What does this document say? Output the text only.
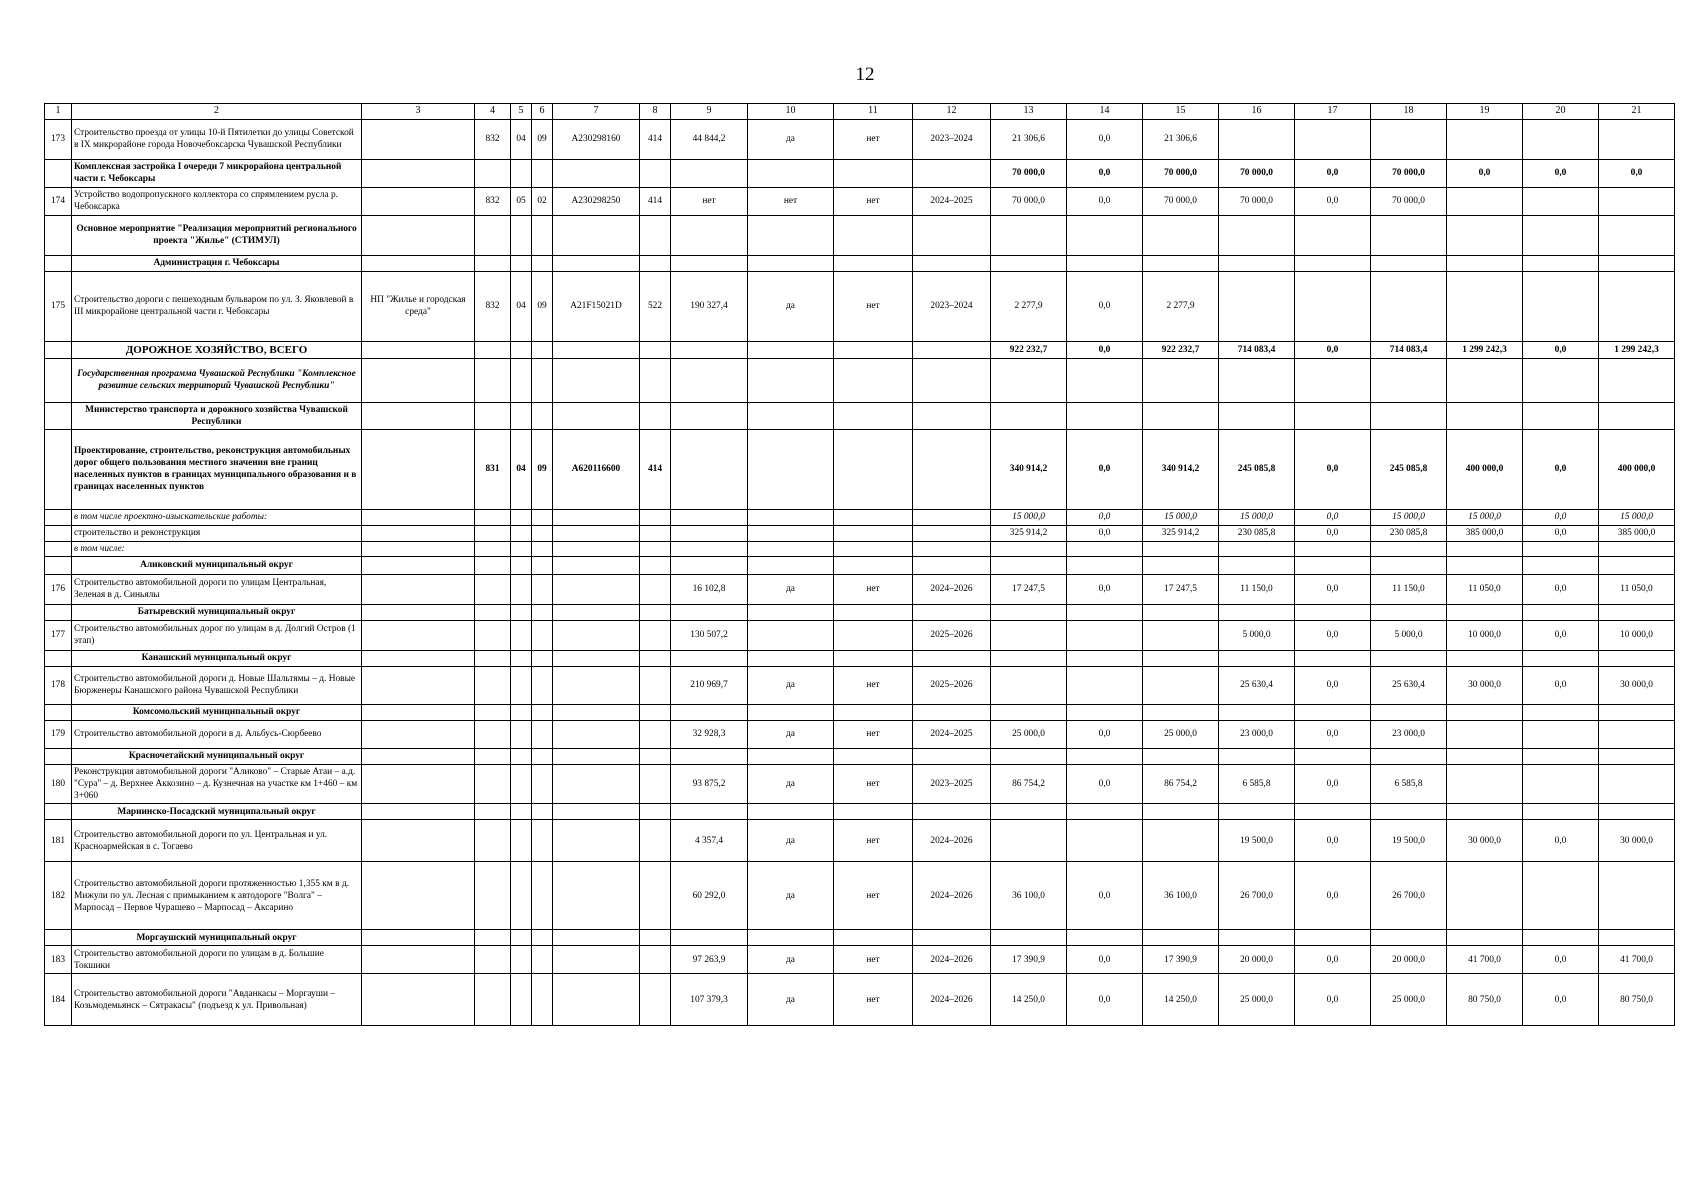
12
1	2	3	4	5	6	7	8	9	10	11	12	13	14	15	16	17	18	19	20	21
173	Строительство проезда от улицы 10-й Пятилетки до улицы Советской в IX микрорайоне города Новочебоксарска Чувашской Республики		832	04	09	А230298160	414	44 844,2	да	нет	2023–2024	21 306,6	0,0	21 306,6						
	Комплексная застройка I очереди 7 микрорайона центральной части г. Чебоксары											70 000,0	0,0	70 000,0	70 000,0	0,0	70 000,0	0,0	0,0	0,0
174	Устройство водопропускного коллектора со спрямлением русла р. Чебоксарка		832	05	02	А230298250	414	нет	нет	нет	2024–2025	70 000,0	0,0	70 000,0	70 000,0	0,0	70 000,0			
	Основное мероприятие "Реализация мероприятий регионального проекта "Жилье" (СТИМУЛ)																			
	Администрация г. Чебоксары																			
175	Строительство дороги с пешеходным бульваром по ул. З. Яковлевой в III микрорайоне центральной части г. Чебоксары	НП "Жилье и городская среда"	832	04	09	А21F15021D	522	190 327,4	да	нет	2023–2024	2 277,9	0,0	2 277,9						
	ДОРОЖНОЕ ХОЗЯЙСТВО, ВСЕГО											922 232,7	0,0	922 232,7	714 083,4	0,0	714 083,4	1 299 242,3	0,0	1 299 242,3
	Государственная программа Чувашской Республики "Комплексное развитие сельских территорий Чувашской Республики"																			
	Министерство транспорта и дорожного хозяйства Чувашской Республики																			
	Проектирование, строительство, реконструкция автомобильных дорог общего пользования местного значения вне границ населенных пунктов в границах муниципального образования и в границах населенных пунктов		831	04	09	А620116600	414					340 914,2	0,0	340 914,2	245 085,8	0,0	245 085,8	400 000,0	0,0	400 000,0
	в том числе проектно-изыскательские работы:											15 000,0	0,0	15 000,0	15 000,0	0,0	15 000,0	15 000,0	0,0	15 000,0
	строительство и реконструкция											325 914,2	0,0	325 914,2	230 085,8	0,0	230 085,8	385 000,0	0,0	385 000,0
	в том числе:																			
	Аликовский муниципальный округ																			
176	Строительство автомобильной дороги по улицам Центральная, Зеленая в д. Синьялы							16 102,8	да	нет	2024–2026	17 247,5	0,0	17 247,5	11 150,0	0,0	11 150,0	11 050,0	0,0	11 050,0
	Батыревский муниципальный округ																			
177	Строительство автомобильных дорог по улицам в д. Долгий Остров (1 этап)							130 507,2			2025–2026				5 000,0	0,0	5 000,0	10 000,0	0,0	10 000,0
	Канашский муниципальный округ																			
178	Строительство автомобильной дороги д. Новые Шальтямы – д. Новые Бюрженеры Канашского района Чувашской Республики							210 969,7	да	нет	2025–2026				25 630,4	0,0	25 630,4	30 000,0	0,0	30 000,0
	Комсомольский муниципальный округ																			
179	Строительство автомобильной дороги в д. Альбусь-Сюрбеево							32 928,3	да	нет	2024–2025	25 000,0	0,0	25 000,0	23 000,0	0,0	23 000,0			
	Красночетайский муниципальный округ																			
180	Реконструкция автомобильной дороги "Аликово" – Старые Атаи – а.д. "Сура" – д. Верхнее Аккозино – д. Кузнечная на участке км 1+460 – км 3+060							93 875,2	да	нет	2023–2025	86 754,2	0,0	86 754,2	6 585,8	0,0	6 585,8			
	Мариинско-Посадский муниципальный округ																			
181	Строительство автомобильной дороги по ул. Центральная и ул. Красноармейская в с. Тогаево							4 357,4	да	нет	2024–2026				19 500,0	0,0	19 500,0	30 000,0	0,0	30 000,0
182	Строительство автомобильной дороги протяженностью 1,355 км в д. Мижули по ул. Лесная с примыканием к автодороге "Волга" – Марпосад – Первое Чурашево – Марпосад – Аксарино							60 292,0	да	нет	2024–2026	36 100,0	0,0	36 100,0	26 700,0	0,0	26 700,0			
	Моргаушский муниципальный округ																			
183	Строительство автомобильной дороги по улицам в д. Большие Токшики							97 263,9	да	нет	2024–2026	17 390,9	0,0	17 390,9	20 000,0	0,0	20 000,0	41 700,0	0,0	41 700,0
184	Строительство автомобильной дороги "Авданкасы – Моргауши – Козьмодемьянск – Сятракасы" (подъезд к ул. Привольная)							107 379,3	да	нет	2024–2026	14 250,0	0,0	14 250,0	25 000,0	0,0	25 000,0	80 750,0	0,0	80 750,0
